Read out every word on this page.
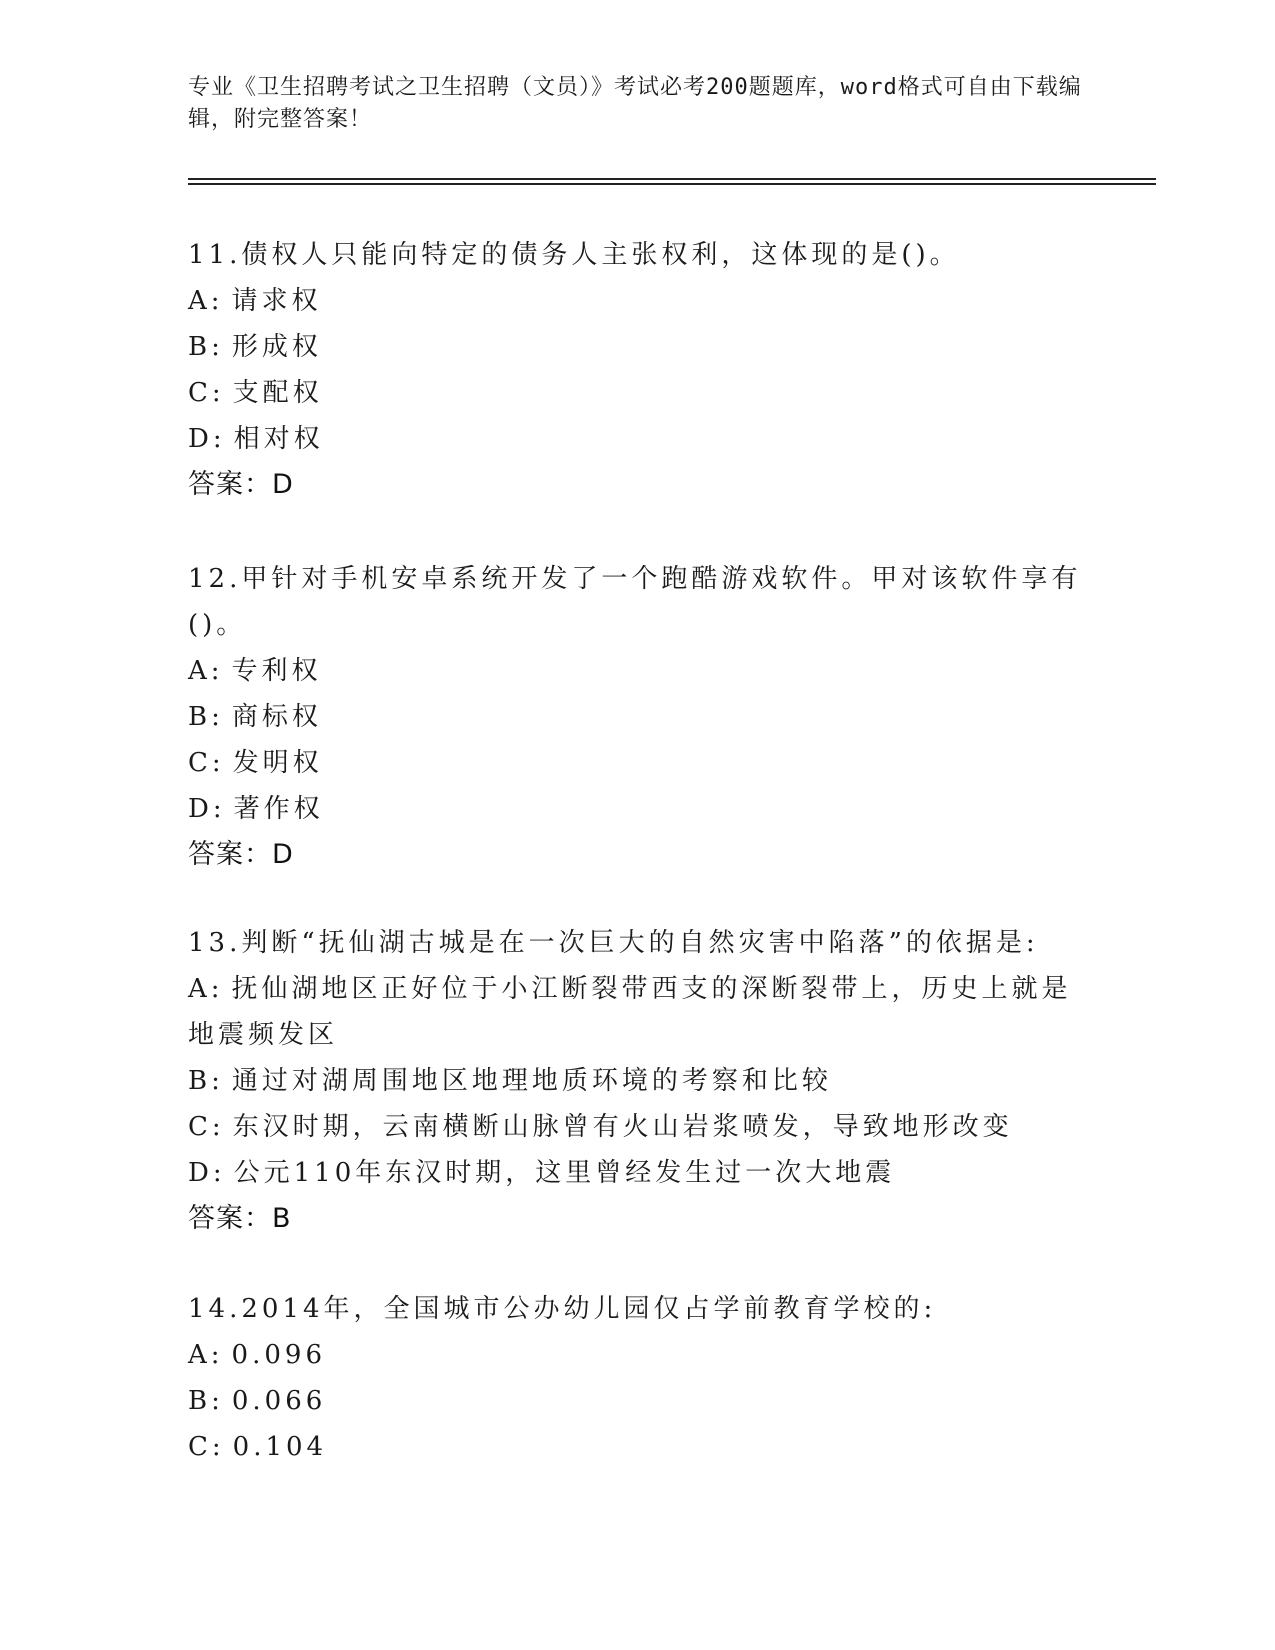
专业《卫生招聘考试之卫生招聘（文员）》考试必考200题题库，word格式可自由下载编辑，附完整答案！
11.债权人只能向特定的债务人主张权利，这体现的是()。
A: 请求权
B: 形成权
C: 支配权
D: 相对权
答案：D
12.甲针对手机安卓系统开发了一个跑酷游戏软件。甲对该软件享有()。
A: 专利权
B: 商标权
C: 发明权
D: 著作权
答案：D
13.判断“抚仙湖古城是在一次巨大的自然灾害中陷落”的依据是:
A: 抚仙湖地区正好位于小江断裂带西支的深断裂带上，历史上就是地震频发区
B: 通过对湖周围地区地理地质环境的考察和比较
C: 东汉时期，云南横断山脉曾有火山岩浆喷发，导致地形改变
D: 公元110年东汉时期，这里曾经发生过一次大地震
答案：B
14.2014年，全国城市公办幼儿园仅占学前教育学校的:
A: 0.096
B: 0.066
C: 0.104
